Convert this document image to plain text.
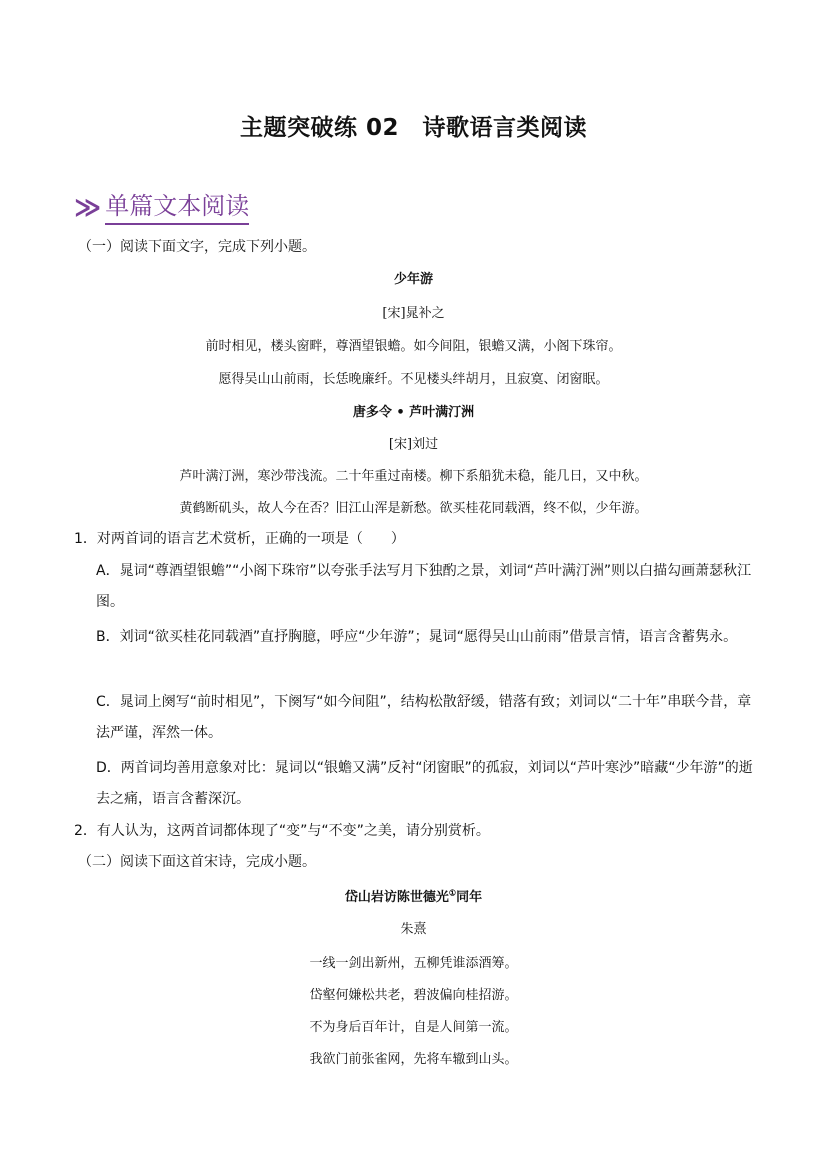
主题突破练 02　诗歌语言类阅读
≫ 单篇文本阅读
（一）阅读下面文字，完成下列小题。
少年游
[宋]晁补之
前时相见，楼头窗畔，尊酒望银蟾。如今间阻，银蟾又满，小阁下珠帘。
愿得吴山山前雨，长恁晚廉纤。不见楼头绊胡月，且寂寞、闭窗眠。
唐多令 • 芦叶满汀洲
[宋]刘过
芦叶满汀洲，寒沙带浅流。二十年重过南楼。柳下系船犹未稳，能几日，又中秋。
黄鹤断矶头，故人今在否？旧江山浑是新愁。欲买桂花同载酒，终不似，少年游。
1．对两首词的语言艺术赏析，正确的一项是（　　）
A．晁词“尊酒望银蟾”“小阁下珠帘”以夸张手法写月下独酌之景，刘词“芦叶满汀洲”则以白描勾画萧瑟秋江图。
B．刘词“欲买桂花同载酒”直抒胸臆，呼应“少年游”；晁词“愿得吴山山前雨”借景言情，语言含蓄隽永。
C．晁词上阕写“前时相见”，下阕写“如今间阻”，结构松散舒缓，错落有致；刘词以“二十年”串联今昔，章法严谨，浑然一体。
D．两首词均善用意象对比：晁词以“银蟾又满”反衬“闭窗眠”的孤寂，刘词以“芦叶寒沙”暗藏“少年游”的逝去之痛，语言含蓄深沉。
2．有人认为，这两首词都体现了“变”与“不变”之美，请分别赏析。
（二）阅读下面这首宋诗，完成小题。
岱山岩访陈世德光①同年
朱熹
一线一剑出新州，五柳凭谁添酒筹。
岱壑何嫌松共老，碧波偏向桂招游。
不为身后百年计，自是人间第一流。
我欲门前张雀网，先将车辙到山头。
